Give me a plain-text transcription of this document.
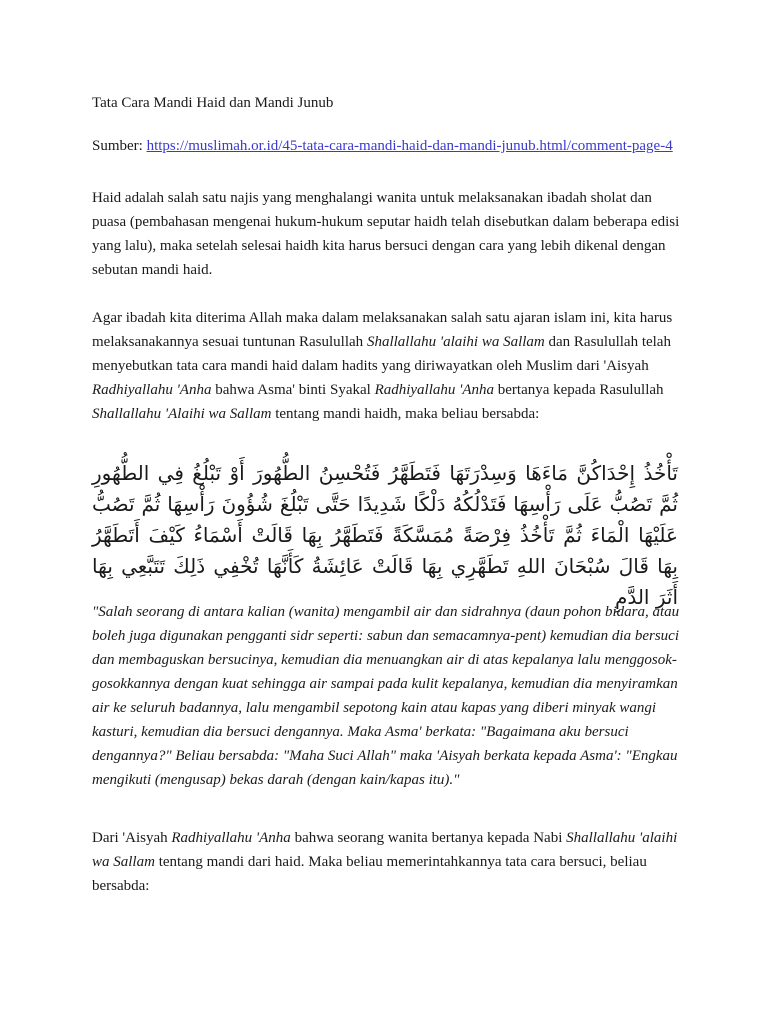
Tata Cara Mandi Haid dan Mandi Junub
Sumber: https://muslimah.or.id/45-tata-cara-mandi-haid-dan-mandi-junub.html/comment-page-4

Haid adalah salah satu najis yang menghalangi wanita untuk melaksanakan ibadah sholat dan puasa (pembahasan mengenai hukum-hukum seputar haidh telah disebutkan dalam beberapa edisi yang lalu), maka setelah selesai haidh kita harus bersuci dengan cara yang lebih dikenal dengan sebutan mandi haid.

Agar ibadah kita diterima Allah maka dalam melaksanakan salah satu ajaran islam ini, kita harus melaksanakannya sesuai tuntunan Rasulullah Shallallahu 'alaihi wa Sallam dan Rasulullah telah menyebutkan tata cara mandi haid dalam hadits yang diriwayatkan oleh Muslim dari 'Aisyah Radhiyallahu 'Anha bahwa Asma' binti Syakal Radhiyallahu 'Anha bertanya kepada Rasulullah Shallallahu 'Alaihi wa Sallam tentang mandi haidh, maka beliau bersabda:

تَأْخُذُ إِحْدَاكُنَّ مَاءَهَا وَسِدْرَتَهَا فَتَطَهَّرُ فَتُحْسِنُ الطُّهُورَ أَوْ تَبْلُغُ فِي الطُّهُورِ ثُمَّ تَصُبُّ عَلَى رَأْسِهَا فَتَدْلُكُهُ دَلْكًا شَدِيدًا حَتَّى تَبْلُغَ شُؤُونَ رَأْسِهَا ثُمَّ تَصُبُّ عَلَيْهَا الْمَاءَ ثُمَّ تَأْخُذُ فِرْصَةً مُمَسَّكَةً فَتَطَهَّرُ بِهَا قَالَتْ أَسْمَاءُ كَيْفَ أَتَطَهَّرُ بِهَا قَالَ سُبْحَانَ اللهِ تَطَهَّرِي بِهَا قَالَتْ عَائِشَةُ كَأَنَّهَا تُخْفِي ذَلِكَ تَتَبَّعِي بِهَا أَثَرَ الدَّمِ

"Salah seorang di antara kalian (wanita) mengambil air dan sidrahnya (daun pohon bidara, atau boleh juga digunakan pengganti sidr seperti: sabun dan semacamnya-pent) kemudian dia bersuci dan membaguskan bersucinya, kemudian dia menuangkan air di atas kepalanya lalu menggosok-gosokkannya dengan kuat sehingga air sampai pada kulit kepalanya, kemudian dia menyiramkan air ke seluruh badannya, lalu mengambil sepotong kain atau kapas yang diberi minyak wangi kasturi, kemudian dia bersuci dengannya. Maka Asma' berkata: "Bagaimana aku bersuci dengannya?" Beliau bersabda: "Maha Suci Allah" maka 'Aisyah berkata kepada Asma': "Engkau mengikuti (mengusap) bekas darah (dengan kain/kapas itu)."

Dari 'Aisyah Radhiyallahu 'Anha bahwa seorang wanita bertanya kepada Nabi Shallallahu 'alaihi wa Sallam tentang mandi dari haid. Maka beliau memerintahkannya tata cara bersuci, beliau bersabda:
